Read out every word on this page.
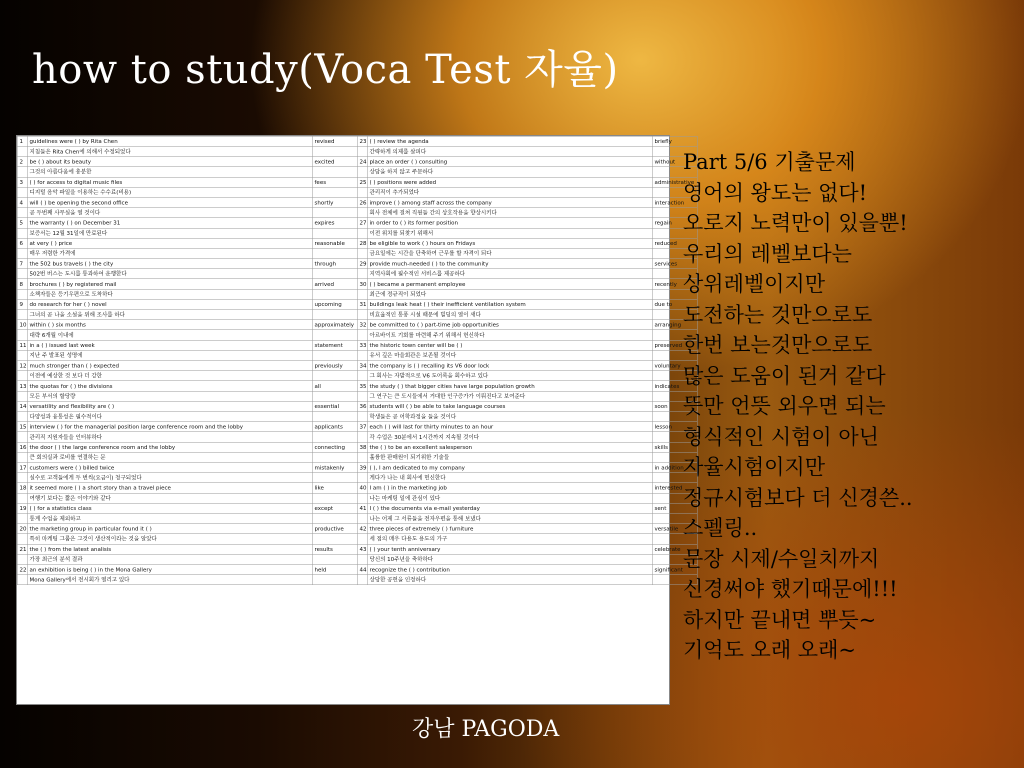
how to study(Voca Test 자율)
1	guidelines were ( ) by Rita Chen	revised	23	( ) review the agenda	briefly
	지침들은 Rita Chen에 의해서 수정되었다			간략하게 의제를 살피다	
2	be ( ) about its beauty	excited	24	place an order ( ) consulting	without
	그것의 아름다움에 흥분한			상담을 하지 않고 주문하다	
3	( ) for access to digital music files	fees	25	( ) positions were added	administrative
	디지털 음악 파일을 이용하는 수수료(비용)			관리직이 추가되었다	
4	will ( ) be opening the second office	shortly	26	improve ( ) among staff across the company	interaction
	곧 두번째 사무실을 열 것이다			회사 전체에 걸쳐 직원들 간의 상호작용을 향상시키다	
5	the warranty ( ) on December 31	expires	27	in order to ( ) its former position	regain
	보증서는 12월 31일에 만료된다			이전 위치를 되찾기 위해서	
6	at very ( ) price	reasonable	28	be eligible to work ( ) hours on Fridays	reduced
	매우 저렴한 가격에			금요일에는 시간을 단축하여 근무를 할 자격이 되다	
7	the 502 bus travels ( ) the city	through	29	provide much-needed ( ) to the community	services
	502번 버스는 도시를 통과하여 운행한다			지역사회에 필수적인 서비스를 제공하다	
8	brochures ( ) by registered mail	arrived	30	( ) became a permanent employee	recently
	소책자들은 등기우편으로 도착하다			최근에 정규직이 되었다	
9	do research for her ( ) novel	upcoming	31	buildings leak heat ( ) their inefficient ventilation system	due to
	그녀의 곧 나올 소설을 위해 조사를 하다			비효율적인 통풍 시설 때문에 빌딩의 열이 새다	
10	within ( ) six months	approximately	32	be committed to ( ) part-time job opportunities	arranging
	대략 6개월 이내에			아르바이트 기회를 마련해 주기 위해서 헌신하다	
11	in a ( ) issued last week	statement	33	the historic town center will be ( )	preserved
	지난 주 발표된 성명에			유서 깊은 마을회관은 보존될 것이다	
12	much stronger than ( ) expected	previously	34	the company is ( ) recalling its V6 door lock	voluntary
	이전에 예상한 것 보다 더 강한			그 회사는 자발적으로 V6 도어록을 회수하고 있다	
13	the quotas for ( ) the divisions	all	35	the study ( ) that bigger cities have large population growth	indicates
	모든 부서의 할당량			그 연구는 큰 도시들에서 거대한 인구증가가 이뤄진다고 보여준다	
14	versatility and flexibility are ( )	essential	36	students will ( ) be able to take language courses	soon
	다양성과 융통성은 필수적이다			학생들은 곧 어학과정을 들을 것이다	
15	interview ( ) for the managerial position large conference room and the lobby	applicants	37	each ( ) will last for thirty minutes to an hour	lesson
	관리직 지원자들을 인터뷰하다			각 수업은 30분에서 1시간까지 지속될 것이다	
16	the door ( ) the large conference room and the lobby	connecting	38	the ( ) to be an excellent salesperson	skills
	큰 회의실과 로비를 연결하는 문			훌륭한 판매원이 되기위한 기술들	
17	customers were ( ) billed twice	mistakenly	39	( ), I am dedicated to my company	in addition
	실수로 고객들에게 두 번씩(요금이) 청구되었다			게다가 나는 내 회사에 헌신한다	
18	it seemed more ( ) a short story than a travel piece	like	40	I am ( ) in the marketing job	interested
	여행기 보다는 짧은 이야기와 같다			나는 마케팅 일에 관심이 있다	
19	( ) for a statistics class	except	41	I ( ) the documents via e-mail yesterday	sent
	통계 수업을 제외하고			나는 어제 그 서류들을 전자우편을 통해 보냈다	
20	the marketing group in particular found it ( )	productive	42	three pieces of extremely ( ) furniture	versatile
	특히 마케팅 그룹은 그것이 생산적이라는 것을 알았다			세 점의 매우 다용도 용도의 가구	
21	the ( ) from the latest analisis	results	43	( ) your tenth anniversary	celebrate
	가장 최근의 분석 결과			당신의 10주년을 축하하다	
22	an exhibition is being ( ) in the Mona Gallery	held	44	recognize the ( ) contribution	significant
	Mona Gallery에서 전시회가 열리고 있다			상당한 공헌을 인정하다	
Part 5/6 기출문제
영어의 왕도는 없다!
오로지 노력만이 있을뿐!
우리의 레벨보다는
상위레벨이지만
도전하는 것만으로도
한번 보는것만으로도
많은 도움이 된거 같다
뜻만 언뜻 외우면 되는
형식적인 시험이 아닌
자율시험이지만
정규시험보다 더 신경쓴..
스펠링..
문장 시제/수일치까지
신경써야 했기때문에!!!
하지만 끝내면 뿌듯~
기억도 오래 오래~
강남 PAGODA
